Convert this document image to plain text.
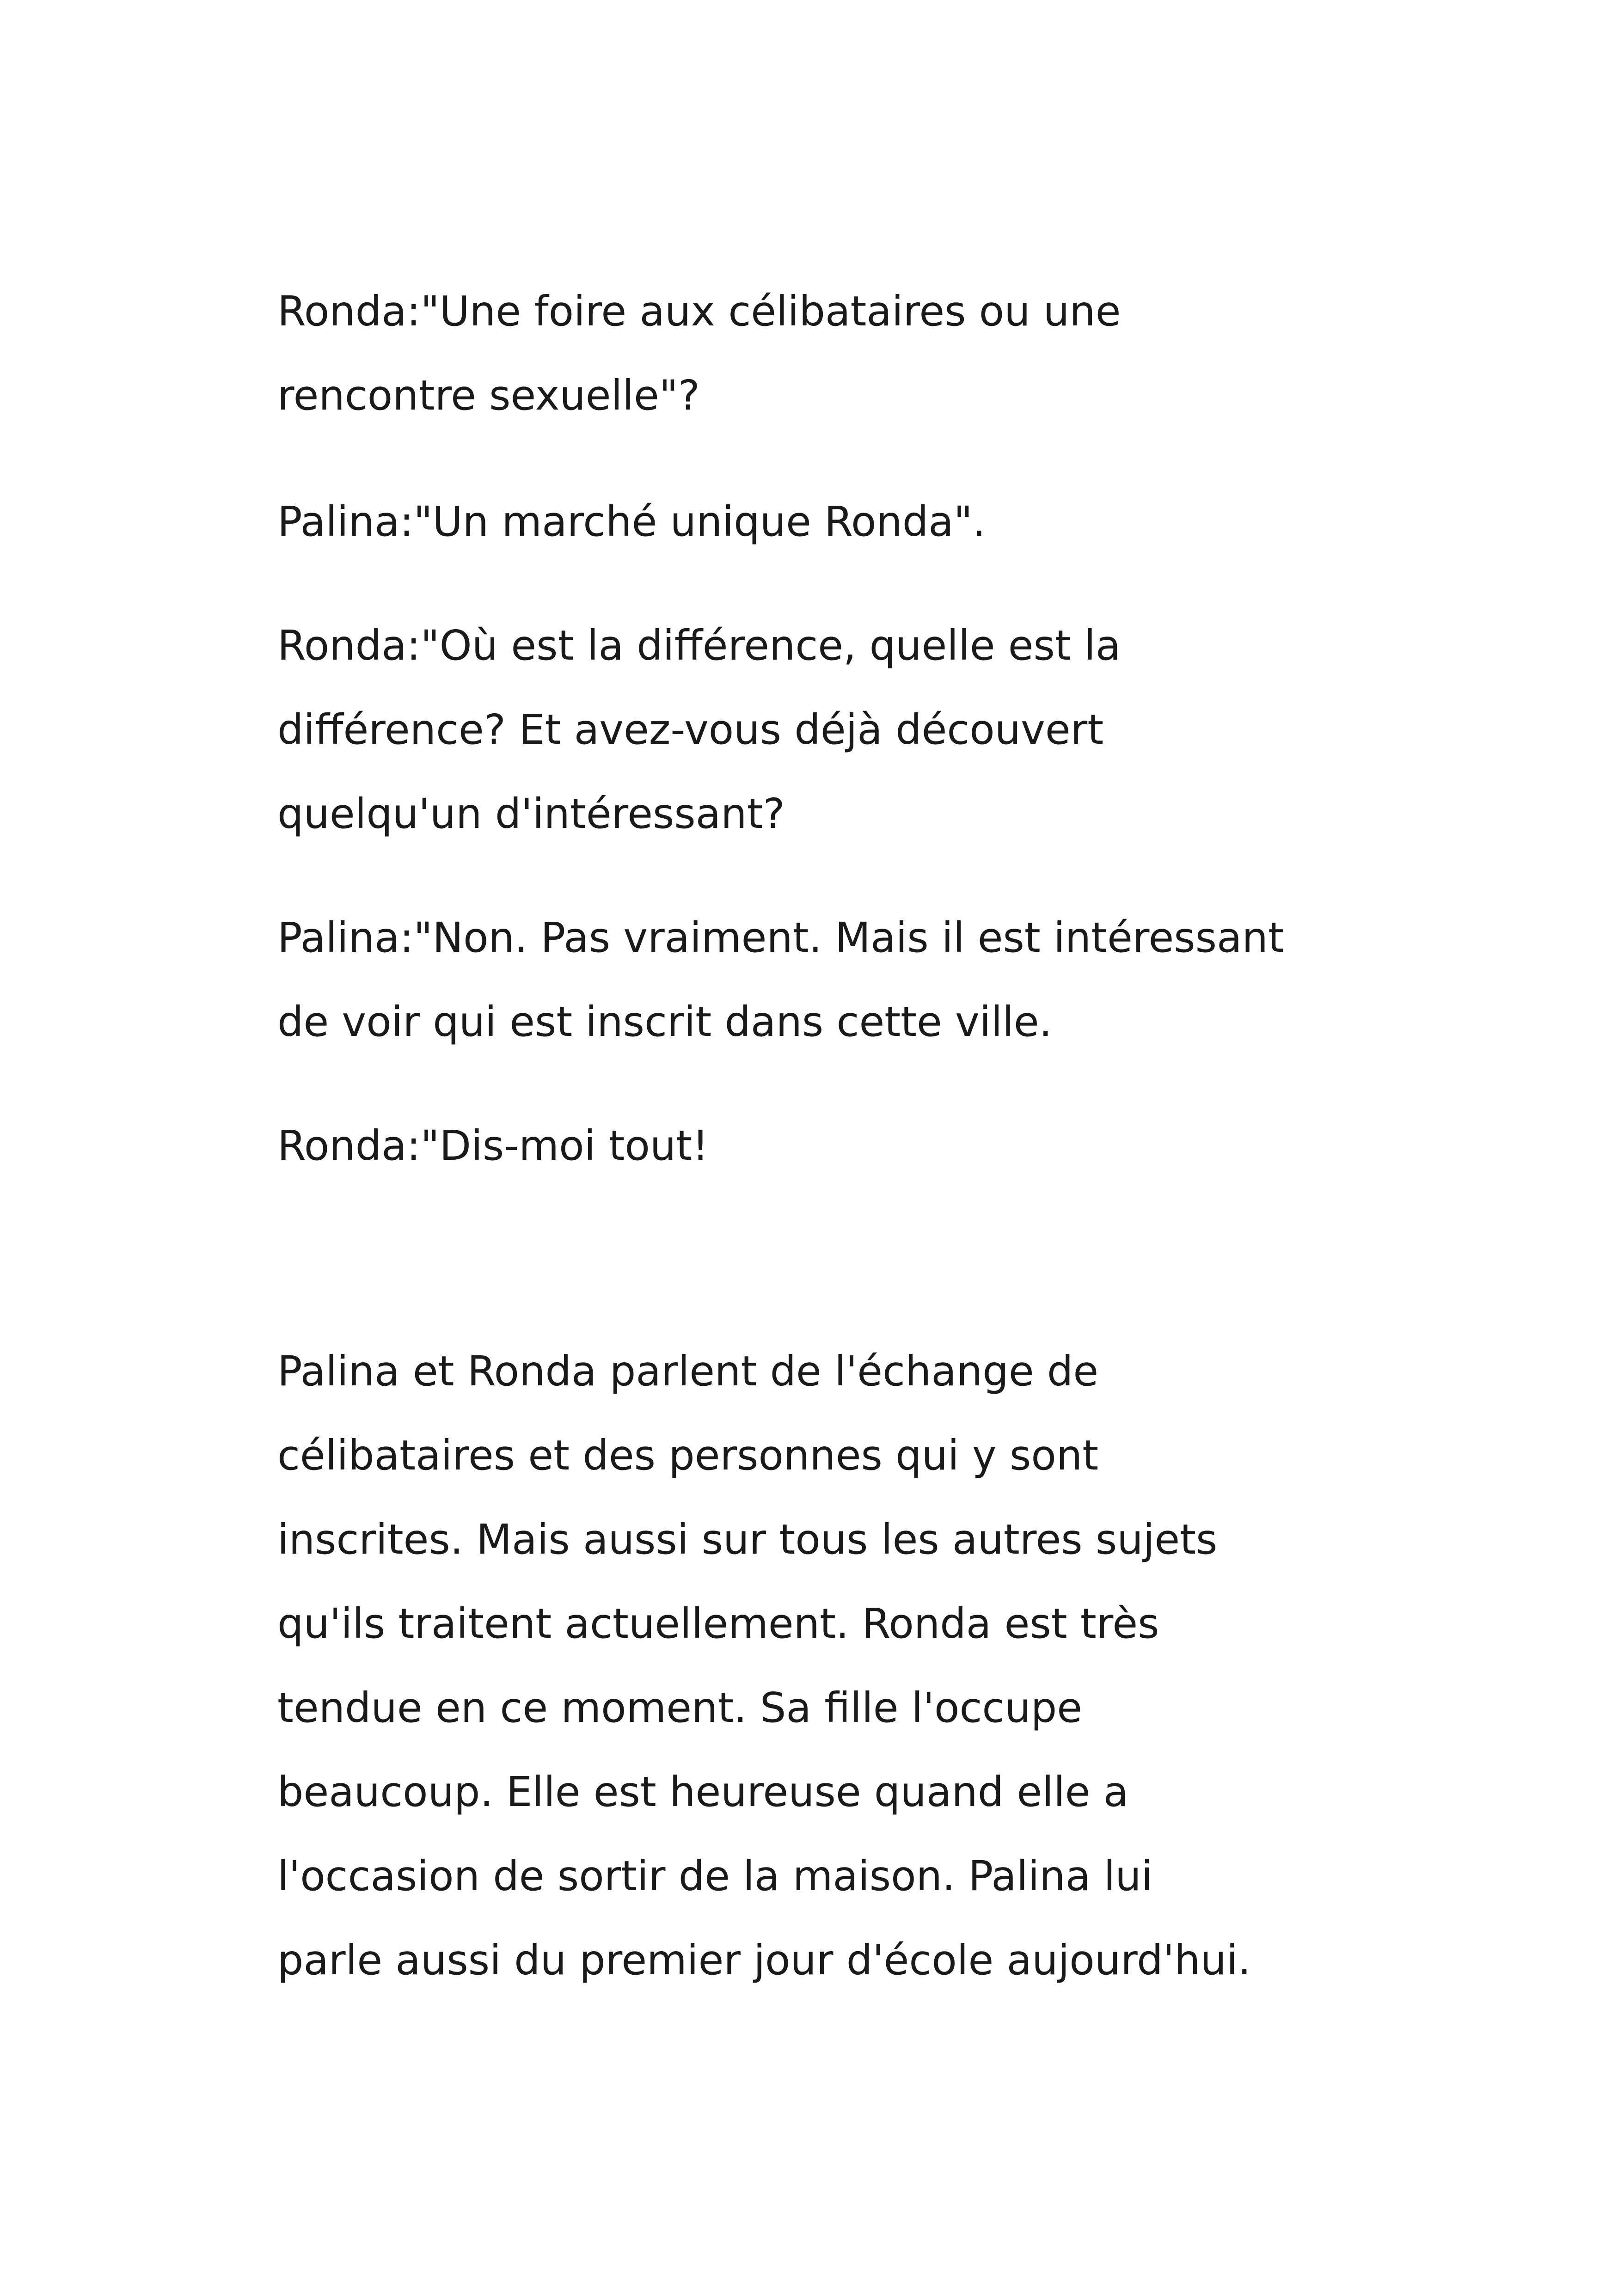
Ronda:"Une foire aux célibataires ou une
rencontre sexuelle"?

Palina:"Un marché unique Ronda".

Ronda:"Où est la différence, quelle est la
différence? Et avez-vous déjà découvert
quelqu'un d'intéressant?

Palina:"Non. Pas vraiment. Mais il est intéressant
de voir qui est inscrit dans cette ville.

Ronda:"Dis-moi tout!

Palina et Ronda parlent de l'échange de
célibataires et des personnes qui y sont
inscrites. Mais aussi sur tous les autres sujets
qu'ils traitent actuellement. Ronda est très
tendue en ce moment. Sa fille l'occupe
beaucoup. Elle est heureuse quand elle a
l'occasion de sortir de la maison. Palina lui
parle aussi du premier jour d'école aujourd'hui.
